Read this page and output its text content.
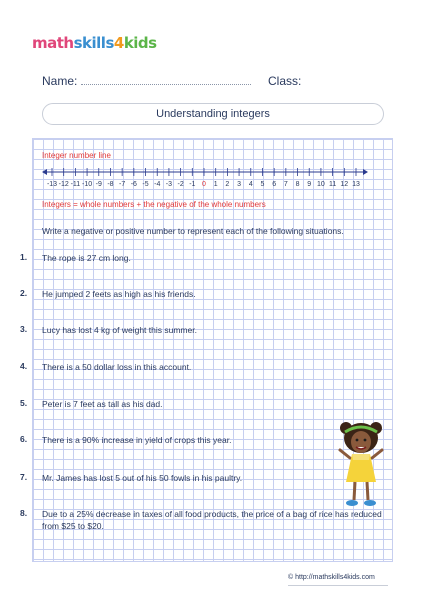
math skills 4 kids
Name:	Class:
Understanding integers
Integer number line
-13 -12 -11 -10 -9 -8 -7 -6 -5 -4 -3 -2 -1 0 1 2 3 4 5 6 7 8 9 10 11 12 13
Integers = whole numbers + the negative of the whole numbers
Write a negative or positive number to represent each of the following situations.
1. The rope is 27 cm long.
2. He jumped 2 feets as high as his friends.
3. Lucy has lost 4 kg of weight this summer.
4. There is a 50 dollar loss in this account.
5. Peter is 7 feet as tall as his dad.
6. There is a 90% increase in yield of crops this year.
7. Mr. James has lost 5 out of his 50 fowls in his paultry.
8. Due to a 25% decrease in taxes of all food products, the price of a bag of rice has reduced from $25 to $20.
© http://mathskills4kids.com
